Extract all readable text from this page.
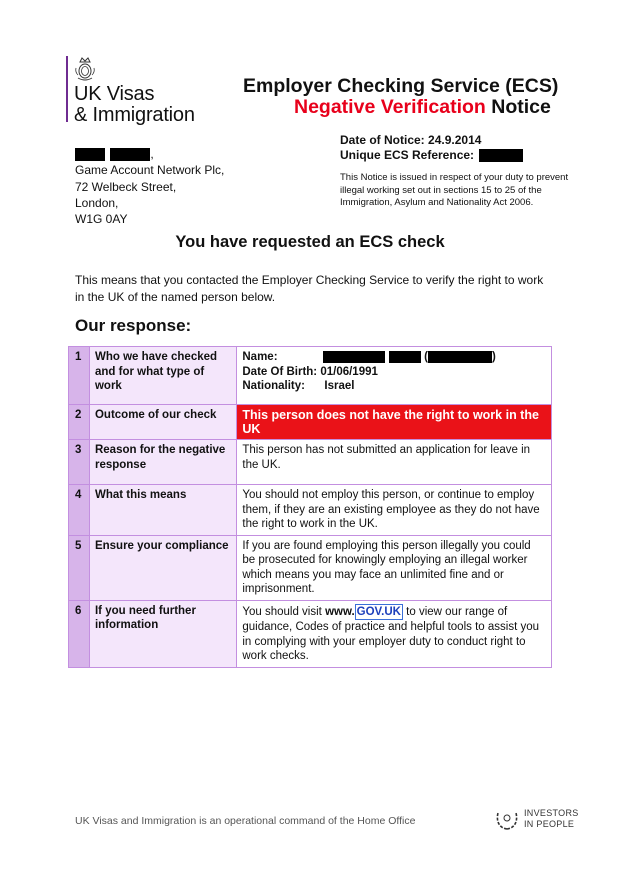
UK Visas
& Immigration
Employer Checking Service (ECS)
Negative Verification Notice
Date of Notice: 24.9.2014
Unique ECS Reference:
This Notice is issued in respect of your duty to prevent illegal working set out in sections 15 to 25 of the Immigration, Asylum and Nationality Act 2006.
,
Game Account Network Plc,
72 Welbeck Street,
London,
W1G 0AY
You have requested an ECS check
This means that you contacted the Employer Checking Service to verify the right to work in the UK of the named person below.
Our response:
1	Who we have checked and for what type of work	Name: ( )
Date Of Birth: 01/06/1991
Nationality: Israel

2	Outcome of our check	This person does not have the right to work in the UK
3	Reason for the negative response	This person has not submitted an application for leave in the UK.
4	What this means	You should not employ this person, or continue to employ them, if they are an existing employee as they do not have the right to work in the UK.
5	Ensure your compliance	If you are found employing this person illegally you could be prosecuted for knowingly employing an illegal worker which means you may face an unlimited fine and or imprisonment.
6	If you need further information	You should visit www. GOV.UK to view our range of guidance, Codes of practice and helpful tools to assist you in complying with your employer duty to conduct right to work checks.
UK Visas and Immigration is an operational command of the Home Office
INVESTORS
IN PEOPLE
